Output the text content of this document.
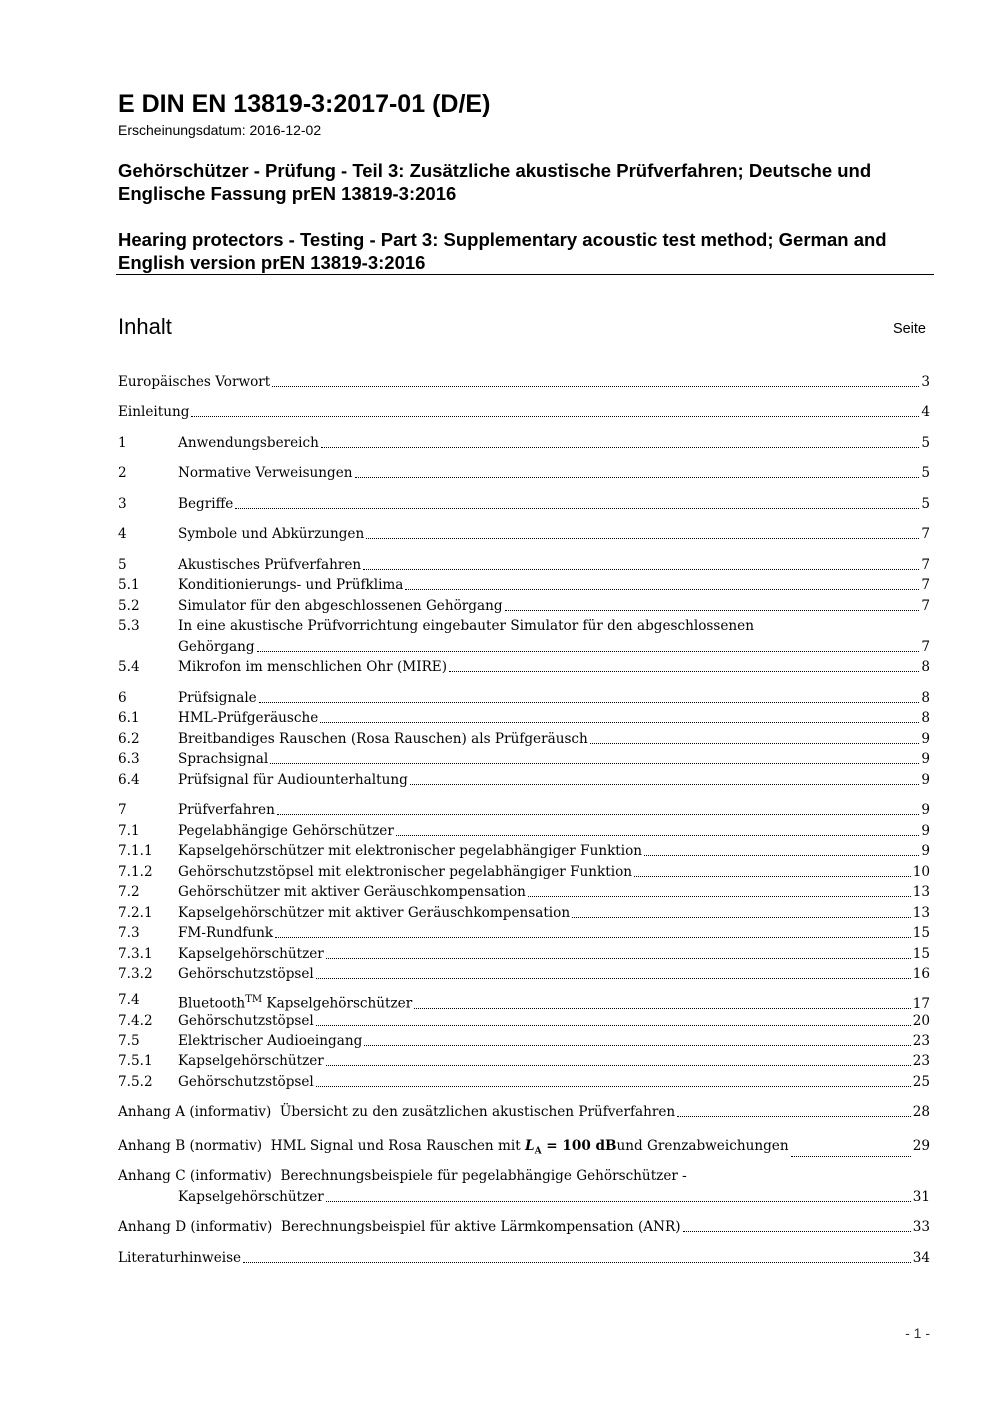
E DIN EN 13819-3:2017-01 (D/E)
Erscheinungsdatum: 2016-12-02
Gehörschützer - Prüfung - Teil 3: Zusätzliche akustische Prüfverfahren; Deutsche und Englische Fassung prEN 13819-3:2016
Hearing protectors - Testing - Part 3: Supplementary acoustic test method; German and English version prEN 13819-3:2016
Inhalt	Seite
Europäisches Vorwort	3
Einleitung	4
1	Anwendungsbereich	5
2	Normative Verweisungen	5
3	Begriffe	5
4	Symbole und Abkürzungen	7
5	Akustisches Prüfverfahren	7
5.1	Konditionierungs- und Prüfklima	7
5.2	Simulator für den abgeschlossenen Gehörgang	7
5.3	In eine akustische Prüfvorrichtung eingebauter Simulator für den abgeschlossenen
Gehörgang	7
5.4	Mikrofon im menschlichen Ohr (MIRE)	8
6	Prüfsignale	8
6.1	HML-Prüfgeräusche	8
6.2	Breitbandiges Rauschen (Rosa Rauschen) als Prüfgeräusch	9
6.3	Sprachsignal	9
6.4	Prüfsignal für Audiounterhaltung	9
7	Prüfverfahren	9
7.1	Pegelabhängige Gehörschützer	9
7.1.1 Kapselgehörschützer mit elektronischer pegelabhängiger Funktion	9
7.1.2 Gehörschutzstöpsel mit elektronischer pegelabhängiger Funktion	10
7.2	Gehörschützer mit aktiver Geräuschkompensation	13
7.2.1 Kapselgehörschützer mit aktiver Geräuschkompensation	13
7.3	FM-Rundfunk	15
7.3.1 Kapselgehörschützer	15
7.3.2 Gehörschutzstöpsel	16
7.4	Bluetooth™ Kapselgehörschützer	17
7.4.2 Gehörschutzstöpsel	20
7.5	Elektrischer Audioeingang	23
7.5.1 Kapselgehörschützer	23
7.5.2 Gehörschutzstöpsel	25
Anhang A (informativ) Übersicht zu den zusätzlichen akustischen Prüfverfahren	28
Anhang B (normativ) HML Signal und Rosa Rauschen mit $L_A = 100$ dBund Grenzabweichungen	29
Anhang C (informativ) Berechnungsbeispiele für pegelabhängige Gehörschützer -
Kapselgehörschützer	31
Anhang D (informativ) Berechnungsbeispiel für aktive Lärmkompensation (ANR)	33
Literaturhinweise	34
- 1 -
